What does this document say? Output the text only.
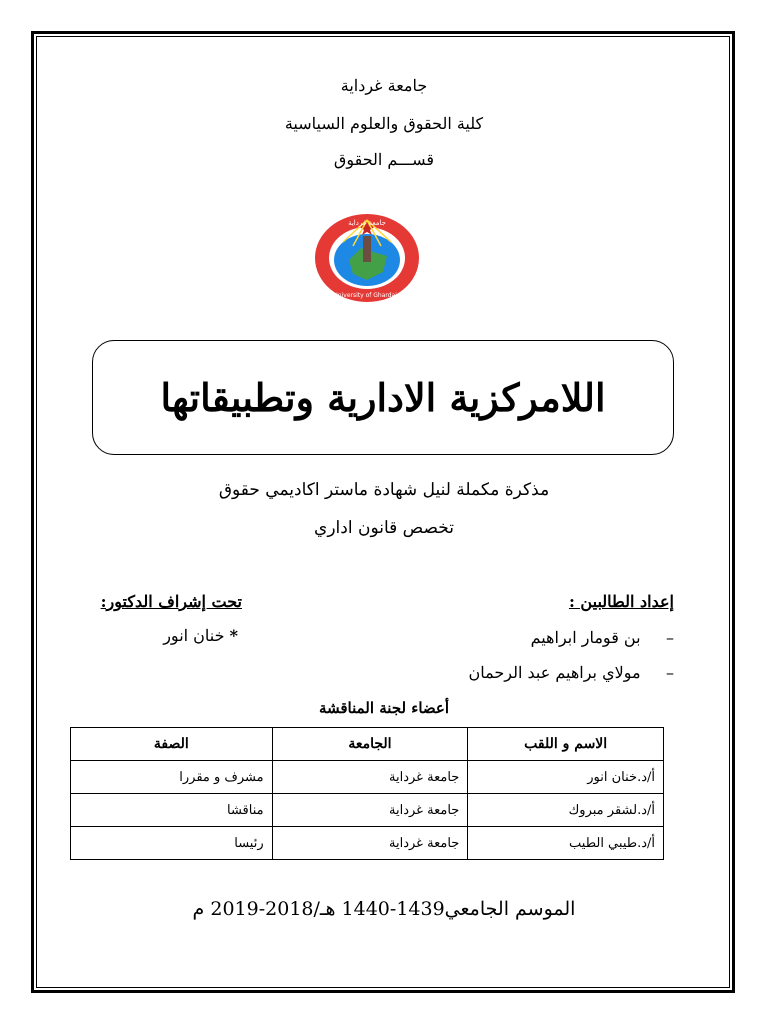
جامعة غرداية
كلية الحقوق والعلوم السياسية
قســـم الحقوق
جامعة غرداية
University of Ghardaia
اللامركزية الادارية وتطبيقاتها
مذكرة مكملة لنيل شهادة ماستر اكاديمي حقوق
تخصص قانون اداري
إعداد الطالبين :
–     بن قومار ابراهيم
–     مولاي براهيم عبد الرحمان
تحت إشراف الدكتور:
* خنان انور
أعضاء لجنة المناقشة
الاسم و اللقب	الجامعة	الصفة
أ/د.خنان انور	جامعة غرداية	مشرف و مقررا
أ/د.لشقر مبروك	جامعة غرداية	مناقشا
أ/د.طيبي الطيب	جامعة غرداية	رئيسا
الموسم الجامعي1439-1440 هـ/2018-2019 م
